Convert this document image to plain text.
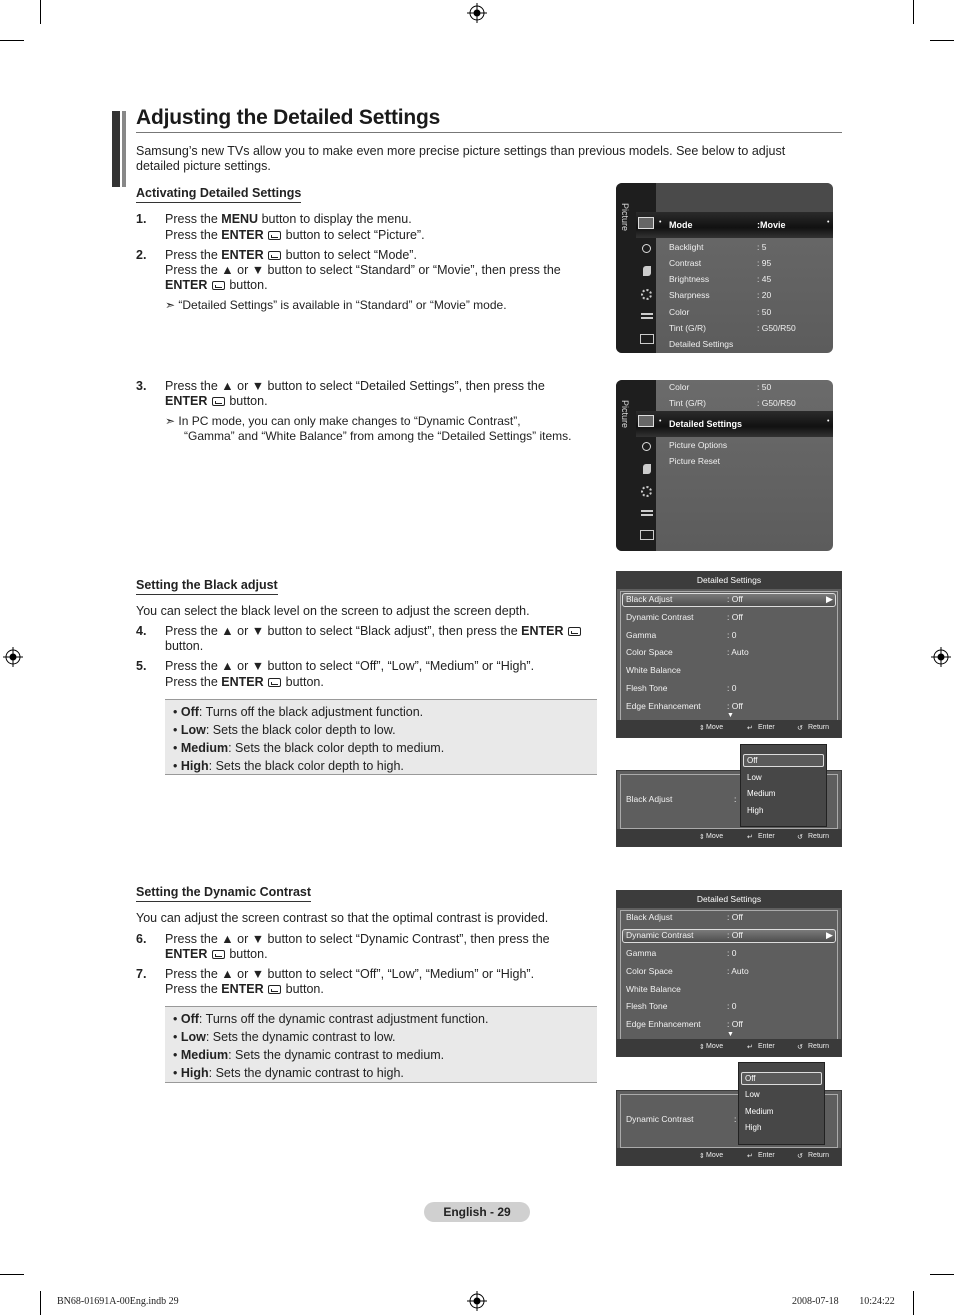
Adjusting the Detailed Settings
Samsung’s new TVs allow you to make even more precise picture settings than previous models. See below to adjust detailed picture settings.
Activating Detailed Settings
1. Press the MENU button to display the menu.
Press the ENTER  button to select “Picture”.
2. Press the ENTER  button to select “Mode”.
Press the ▲ or ▼ button to select “Standard” or “Movie”, then press the
ENTER  button.
➣ “Detailed Settings” is available in “Standard” or “Movie” mode.
3. Press the ▲ or ▼ button to select “Detailed Settings”, then press the
ENTER  button.
➣ In PC mode, you can only make changes to “Dynamic Contrast”,
“Gamma” and “White Balance” from among the “Detailed Settings” items.
Picture	• Mode	:Movie	•
Backlight	: 5
Contrast	: 95
Brightness	: 45
Sharpness	: 20
Color	: 50
Tint (G/R)	: G50/R50
Detailed Settings
Picture
Color	: 50
Tint (G/R)	: G50/R50
• Detailed Settings	•
Picture Options
Picture Reset
Setting the Black adjust
You can select the black level on the screen to adjust the screen depth.
4. Press the ▲ or ▼ button to select “Black adjust”, then press the ENTER
button.
5. Press the ▲ or ▼ button to select “Off”, “Low”, “Medium” or “High”.
Press the ENTER  button.
• Off: Turns off the black adjustment function.
• Low: Sets the black color depth to low.
• Medium: Sets the black color depth to medium.
• High: Sets the black color depth to high.
Detailed Settings
▶
Black Adjust	: Off
Dynamic Contrast	: Off
Gamma	: 0
Color Space	: Auto
White Balance
Flesh Tone	: 0
Edge Enhancement	: Off
▼
⇕ Move	↵ Enter	↺ Return
Black Adjust	:
⇕ Move	↵ Enter	↺ Return
Off
Low
Medium
High
Setting the Dynamic Contrast
You can adjust the screen contrast so that the optimal contrast is provided.
6. Press the ▲ or ▼ button to select “Dynamic Contrast”, then press the
ENTER  button.
7. Press the ▲ or ▼ button to select “Off”, “Low”, “Medium” or “High”.
Press the ENTER  button.
• Off: Turns off the dynamic contrast adjustment function.
• Low: Sets the dynamic contrast to low.
• Medium: Sets the dynamic contrast to medium.
• High: Sets the dynamic contrast to high.
Detailed Settings
▶
Black Adjust	: Off
Dynamic Contrast	: Off
Gamma	: 0
Color Space	: Auto
White Balance
Flesh Tone	: 0
Edge Enhancement	: Off
▼
⇕ Move	↵ Enter	↺ Return
Dynamic Contrast	:
⇕ Move	↵ Enter	↺ Return
Off
Low
Medium
High
English - 29
BN68-01691A-00Eng.indb 29	2008-07-18 ￿￿ 10:24:22
